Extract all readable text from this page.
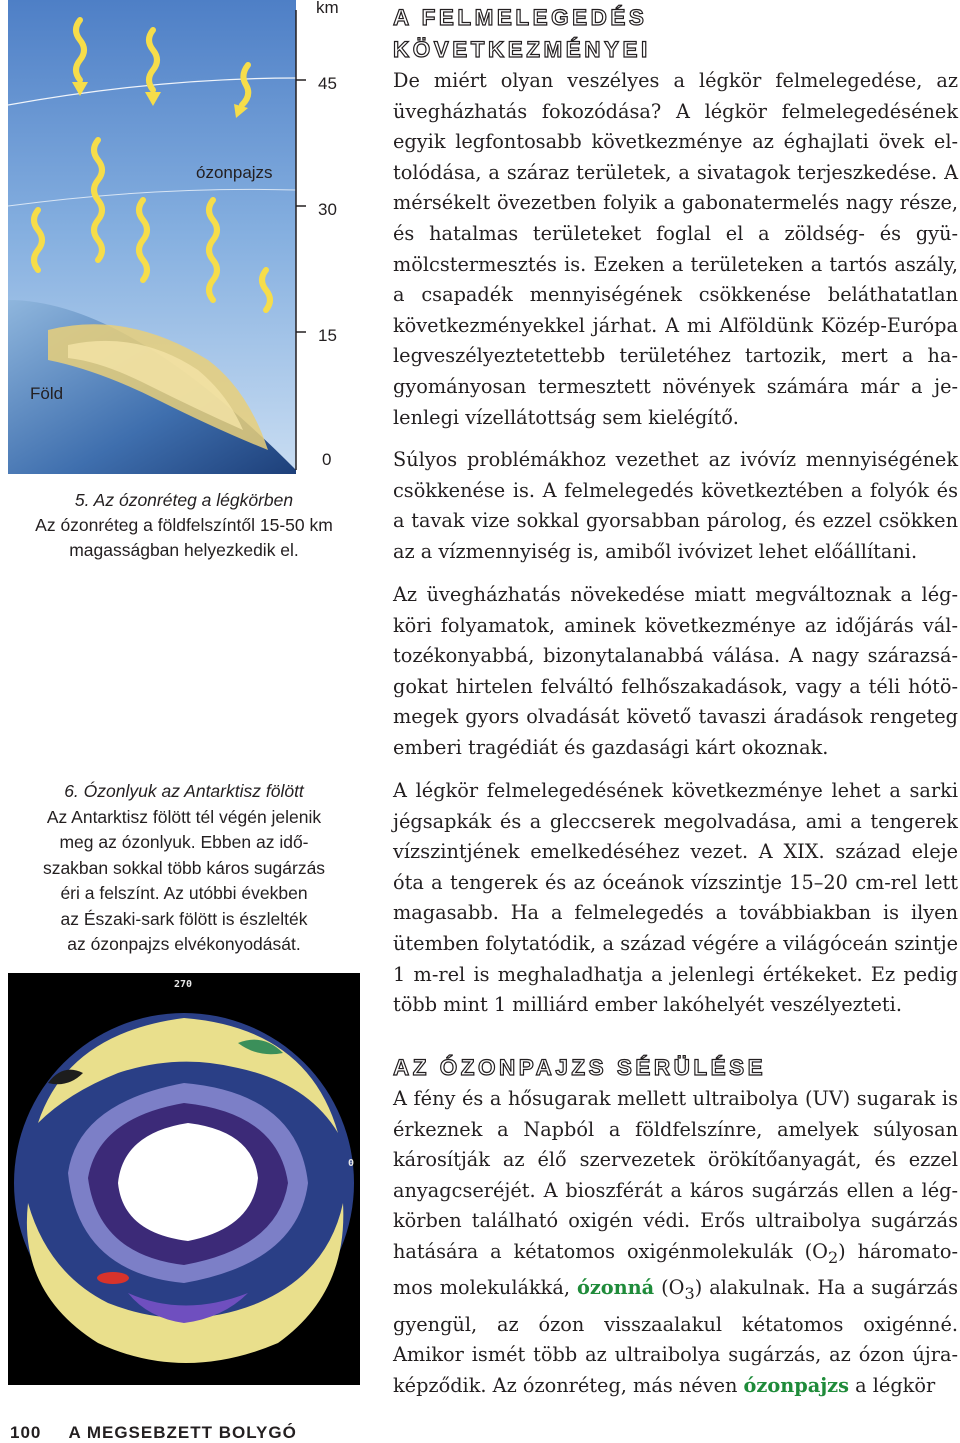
km
45
30
15
0
ózonpajzs
Föld
5. Az ózonréteg a légkörben
Az ózonréteg a földfelszíntől 15-50 km
magasságban helyezkedik el.
6. Ózonlyuk az Antarktisz fölött
Az Antarktisz fölött tél végén jelenik
meg az ózonlyuk. Ebben az idő-
szakban sokkal több káros sugárzás
éri a felszínt. Az utóbbi években
az Északi-sark fölött is észlelték
az ózonpajzs elvékonyodását.
270
0
A FELMELEGEDÉS
KÖVETKEZMÉNYEI

De miért olyan veszélyes a légkör felmelegedése, az üvegházhatás fokozódása? A légkör felmelegedésének egyik legfontosabb következménye az éghajlati övek eltolódása, a száraz területek, a sivatagok terjeszkedése. A mérsékelt övezetben folyik a gabonatermelés nagy része, és hatalmas területeket foglal el a zöldség- és gyümölcstermesztés is. Ezeken a területeken a tartós aszály, a csapadék mennyiségének csökkenése beláthatatlan következményekkel járhat. A mi Alföldünk Közép-Európa legveszélyeztetettebb területéhez tartozik, mert a hagyományosan termesztett növények számára már a jelenlegi vízellátottság sem kielégítő.

Súlyos problémákhoz vezethet az ivóvíz mennyiségének csökkenése is. A felmelegedés következtében a folyók és a tavak vize sokkal gyorsabban párolog, és ezzel csökken az a vízmennyiség is, amiből ivóvizet lehet előállítani.

Az üvegházhatás növekedése miatt megváltoznak a légköri folyamatok, aminek következménye az időjárás változékonyabbá, bizonytalanabbá válása. A nagy szárazságokat hirtelen felváltó felhőszakadások, vagy a téli hótömegek gyors olvadását követő tavaszi áradások rengeteg emberi tragédiát és gazdasági kárt okoznak.

A légkör felmelegedésének következménye lehet a sarki jégsapkák és a gleccserek megolvadása, ami a tengerek vízszintjének emelkedéséhez vezet. A XIX. század eleje óta a tengerek és az óceánok vízszintje 15–20 cm-rel lett magasabb. Ha a felmelegedés a továbbiakban is ilyen ütemben folytatódik, a század végére a világóceán szintje 1 m-rel is meghaladhatja a jelenlegi értékeket. Ez pedig több mint 1 milliárd ember lakóhelyét veszélyezteti.

AZ ÓZONPAJZS SÉRÜLÉSE

A fény és a hősugarak mellett ultraibolya (UV) sugarak is érkeznek a Napból a földfelszínre, amelyek súlyosan károsítják az élő szervezetek örökítőanyagát, és ezzel anyagcseréjét. A bioszférát a káros sugárzás ellen a légkörben található oxigén védi. Erős ultraibolya sugárzás hatására a kétatomos oxigénmolekulák $(O_2)$ háromatomos molekulákká, ózonná $(O_3)$ alakulnak. Ha a sugárzás gyengül, az ózon visszaalakul kétatomos oxigénné. Amikor ismét több az ultraibolya sugárzás, az ózon újraképződik. Az ózonréteg, más néven ózonpajzs a légkör

100 A MEGSEBZETT BOLYGÓ
